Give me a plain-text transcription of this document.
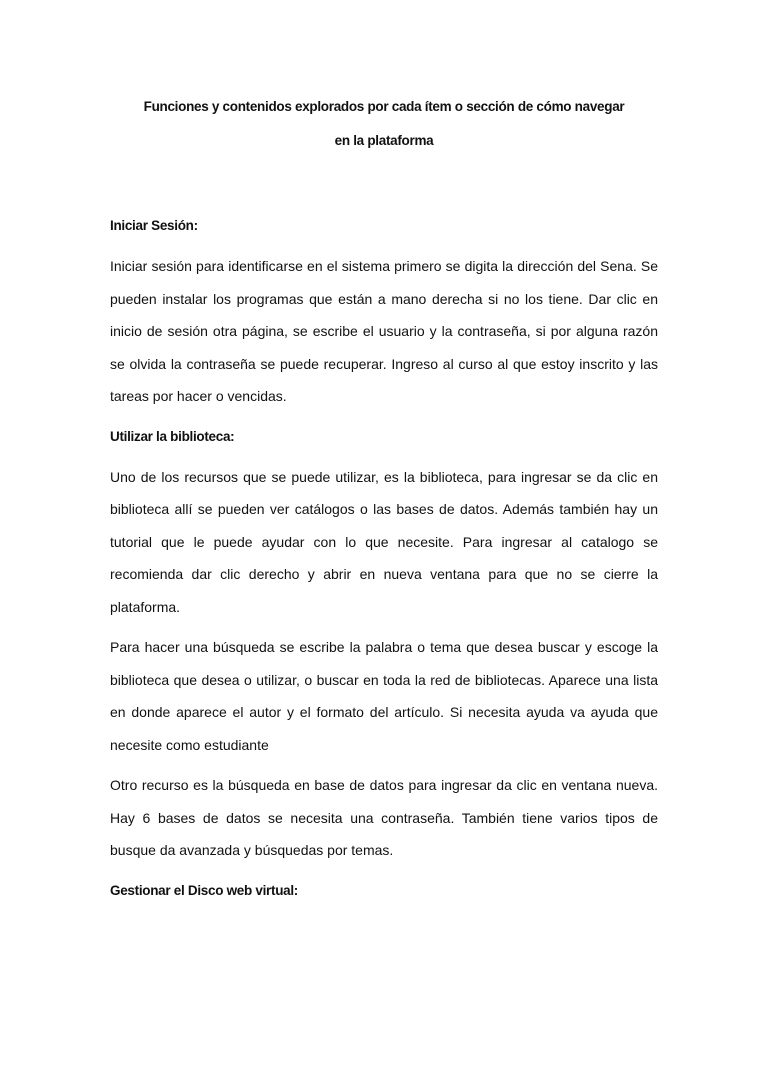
Funciones y contenidos explorados por cada ítem o sección de cómo navegar
en la plataforma
Iniciar Sesión:

Iniciar sesión para identificarse en el sistema primero se digita la dirección del Sena. Se pueden instalar los programas que están a mano derecha si no los tiene. Dar clic en inicio de sesión otra página, se escribe el usuario y la contraseña, si por alguna razón se olvida la contraseña se puede recuperar. Ingreso al curso al que estoy inscrito y las tareas por hacer o vencidas.

Utilizar la biblioteca:

Uno de los recursos que se puede utilizar, es la biblioteca, para ingresar se da clic en biblioteca allí se pueden ver catálogos o las bases de datos. Además también hay un tutorial que le puede ayudar con lo que necesite. Para ingresar al catalogo se recomienda dar clic derecho y abrir en nueva ventana para que no se cierre la plataforma.

Para hacer una búsqueda se escribe la palabra o tema que desea buscar y escoge la biblioteca que desea o utilizar, o buscar en toda la red de bibliotecas. Aparece una lista en donde aparece el autor y el formato del artículo. Si necesita ayuda va ayuda que necesite como estudiante

Otro recurso es la búsqueda en base de datos para ingresar da clic en ventana nueva. Hay 6 bases de datos se necesita una contraseña. También tiene varios tipos de busque da avanzada y búsquedas por temas.

Gestionar el Disco web virtual:
